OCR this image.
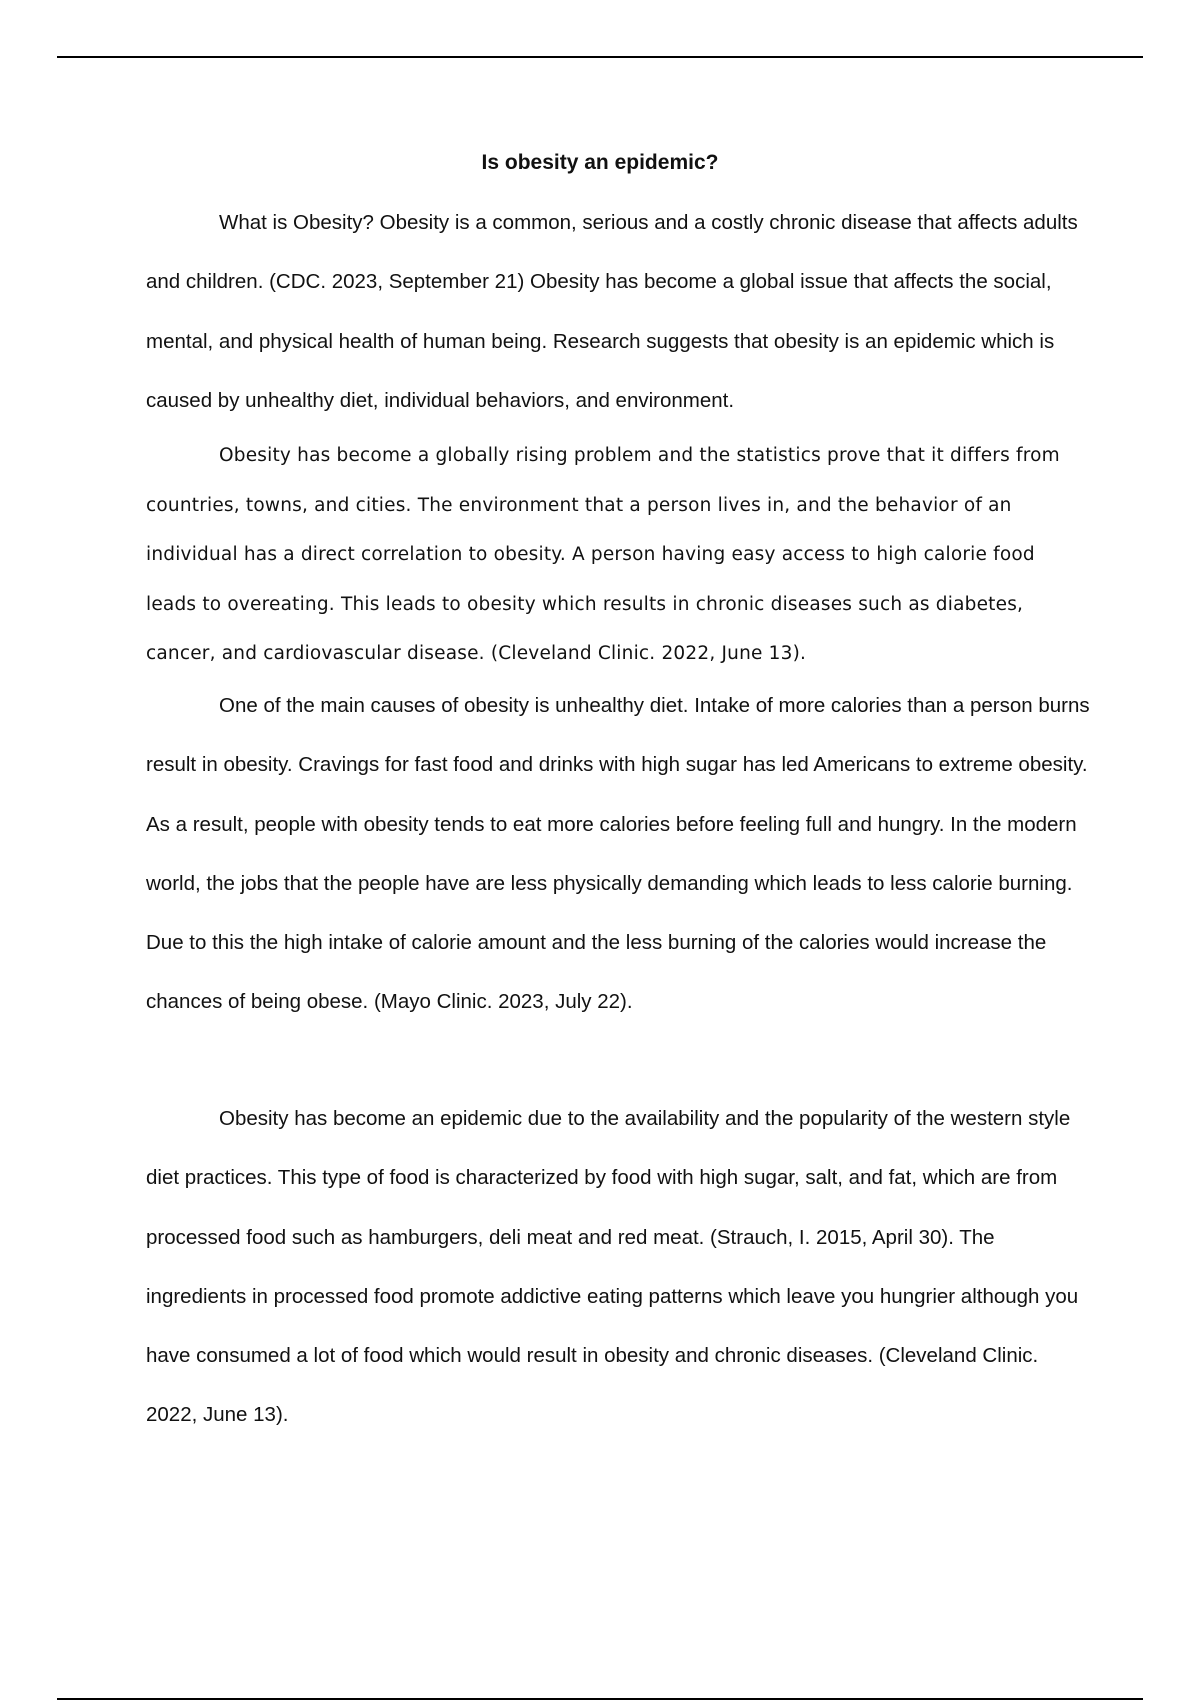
Is obesity an epidemic?

What is Obesity? Obesity is a common, serious and a costly chronic disease that affects adults and children. (CDC. 2023, September 21) Obesity has become a global issue that affects the social, mental, and physical health of human being. Research suggests that obesity is an epidemic which is caused by unhealthy diet, individual behaviors, and environment.

Obesity has become a globally rising problem and the statistics prove that it differs from countries, towns, and cities. The environment that a person lives in, and the behavior of an individual has a direct correlation to obesity. A person having easy access to high calorie food leads to overeating. This leads to obesity which results in chronic diseases such as diabetes, cancer, and cardiovascular disease. (Cleveland Clinic. 2022, June 13).

One of the main causes of obesity is unhealthy diet. Intake of more calories than a person burns result in obesity. Cravings for fast food and drinks with high sugar has led Americans to extreme obesity. As a result, people with obesity tends to eat more calories before feeling full and hungry. In the modern world, the jobs that the people have are less physically demanding which leads to less calorie burning. Due to this the high intake of calorie amount and the less burning of the calories would increase the chances of being obese. (Mayo Clinic. 2023, July 22).

Obesity has become an epidemic due to the availability and the popularity of the western style diet practices. This type of food is characterized by food with high sugar, salt, and fat, which are from processed food such as hamburgers, deli meat and red meat. (Strauch, I. 2015, April 30). The ingredients in processed food promote addictive eating patterns which leave you hungrier although you have consumed a lot of food which would result in obesity and chronic diseases. (Cleveland Clinic. 2022, June 13).
